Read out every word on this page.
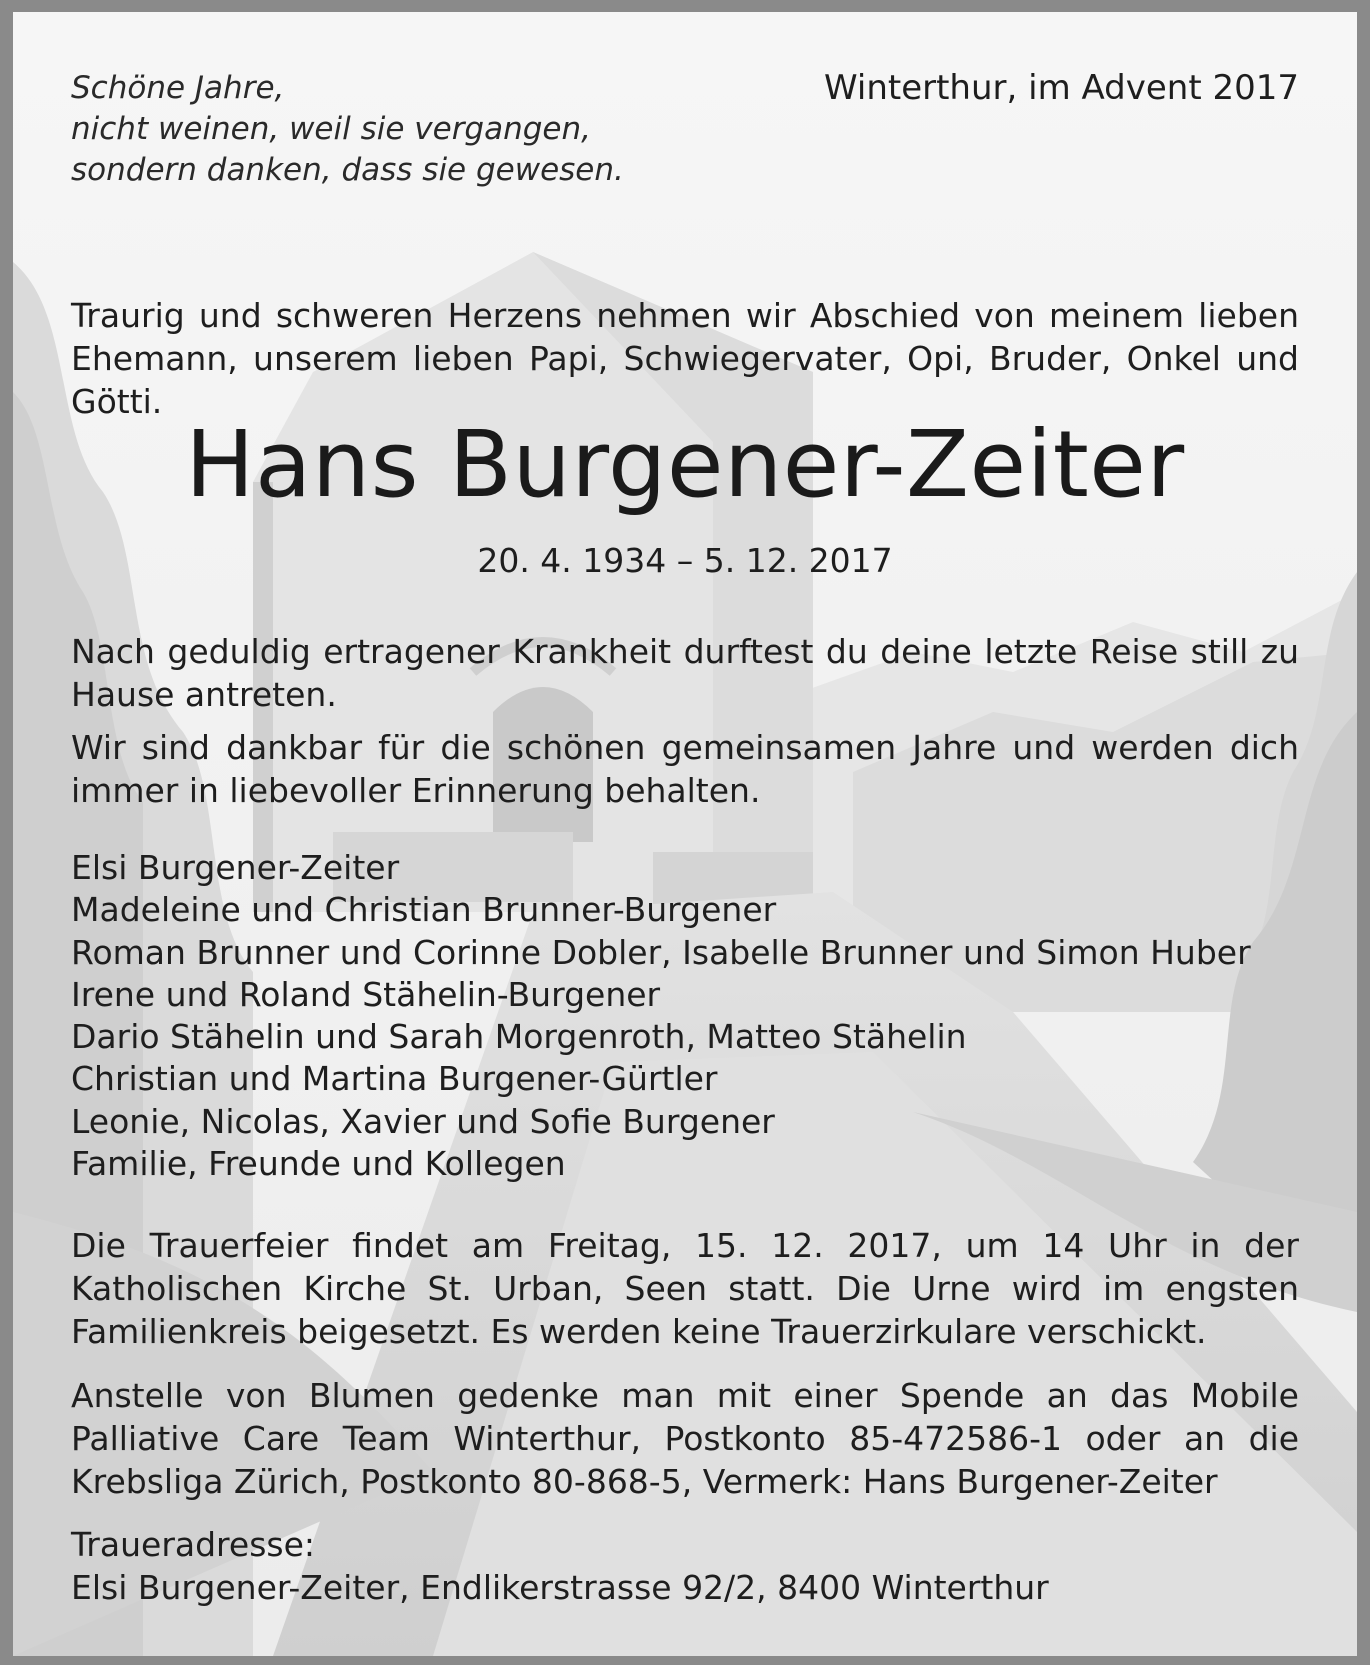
Schöne Jahre,
nicht weinen, weil sie vergangen,
sondern danken, dass sie gewesen.
Winterthur, im Advent 2017
Traurig und schweren Herzens nehmen wir Abschied von meinem lieben Ehemann, unserem lieben Papi, Schwiegervater, Opi, Bruder, Onkel und Götti.
Hans Burgener-Zeiter
20. 4. 1934 – 5. 12. 2017
Nach geduldig ertragener Krankheit durftest du deine letzte Reise still zu Hause antreten.
Wir sind dankbar für die schönen gemeinsamen Jahre und werden dich immer in liebevoller Erinnerung behalten.
Elsi Burgener-Zeiter
Madeleine und Christian Brunner-Burgener
Roman Brunner und Corinne Dobler, Isabelle Brunner und Simon Huber
Irene und Roland Stähelin-Burgener
Dario Stähelin und Sarah Morgenroth, Matteo Stähelin
Christian und Martina Burgener-Gürtler
Leonie, Nicolas, Xavier und Sofie Burgener
Familie, Freunde und Kollegen
Die Trauerfeier findet am Freitag, 15. 12. 2017, um 14 Uhr in der Katholischen Kirche St. Urban, Seen statt. Die Urne wird im engsten Familienkreis beigesetzt. Es werden keine Trauerzirkulare verschickt.
Anstelle von Blumen gedenke man mit einer Spende an das Mobile Palliative Care Team Winterthur, Postkonto 85-472586-1 oder an die Krebsliga Zürich, Postkonto 80-868-5, Vermerk: Hans Burgener-Zeiter
Traueradresse:
Elsi Burgener-Zeiter, Endlikerstrasse 92/2, 8400 Winterthur
